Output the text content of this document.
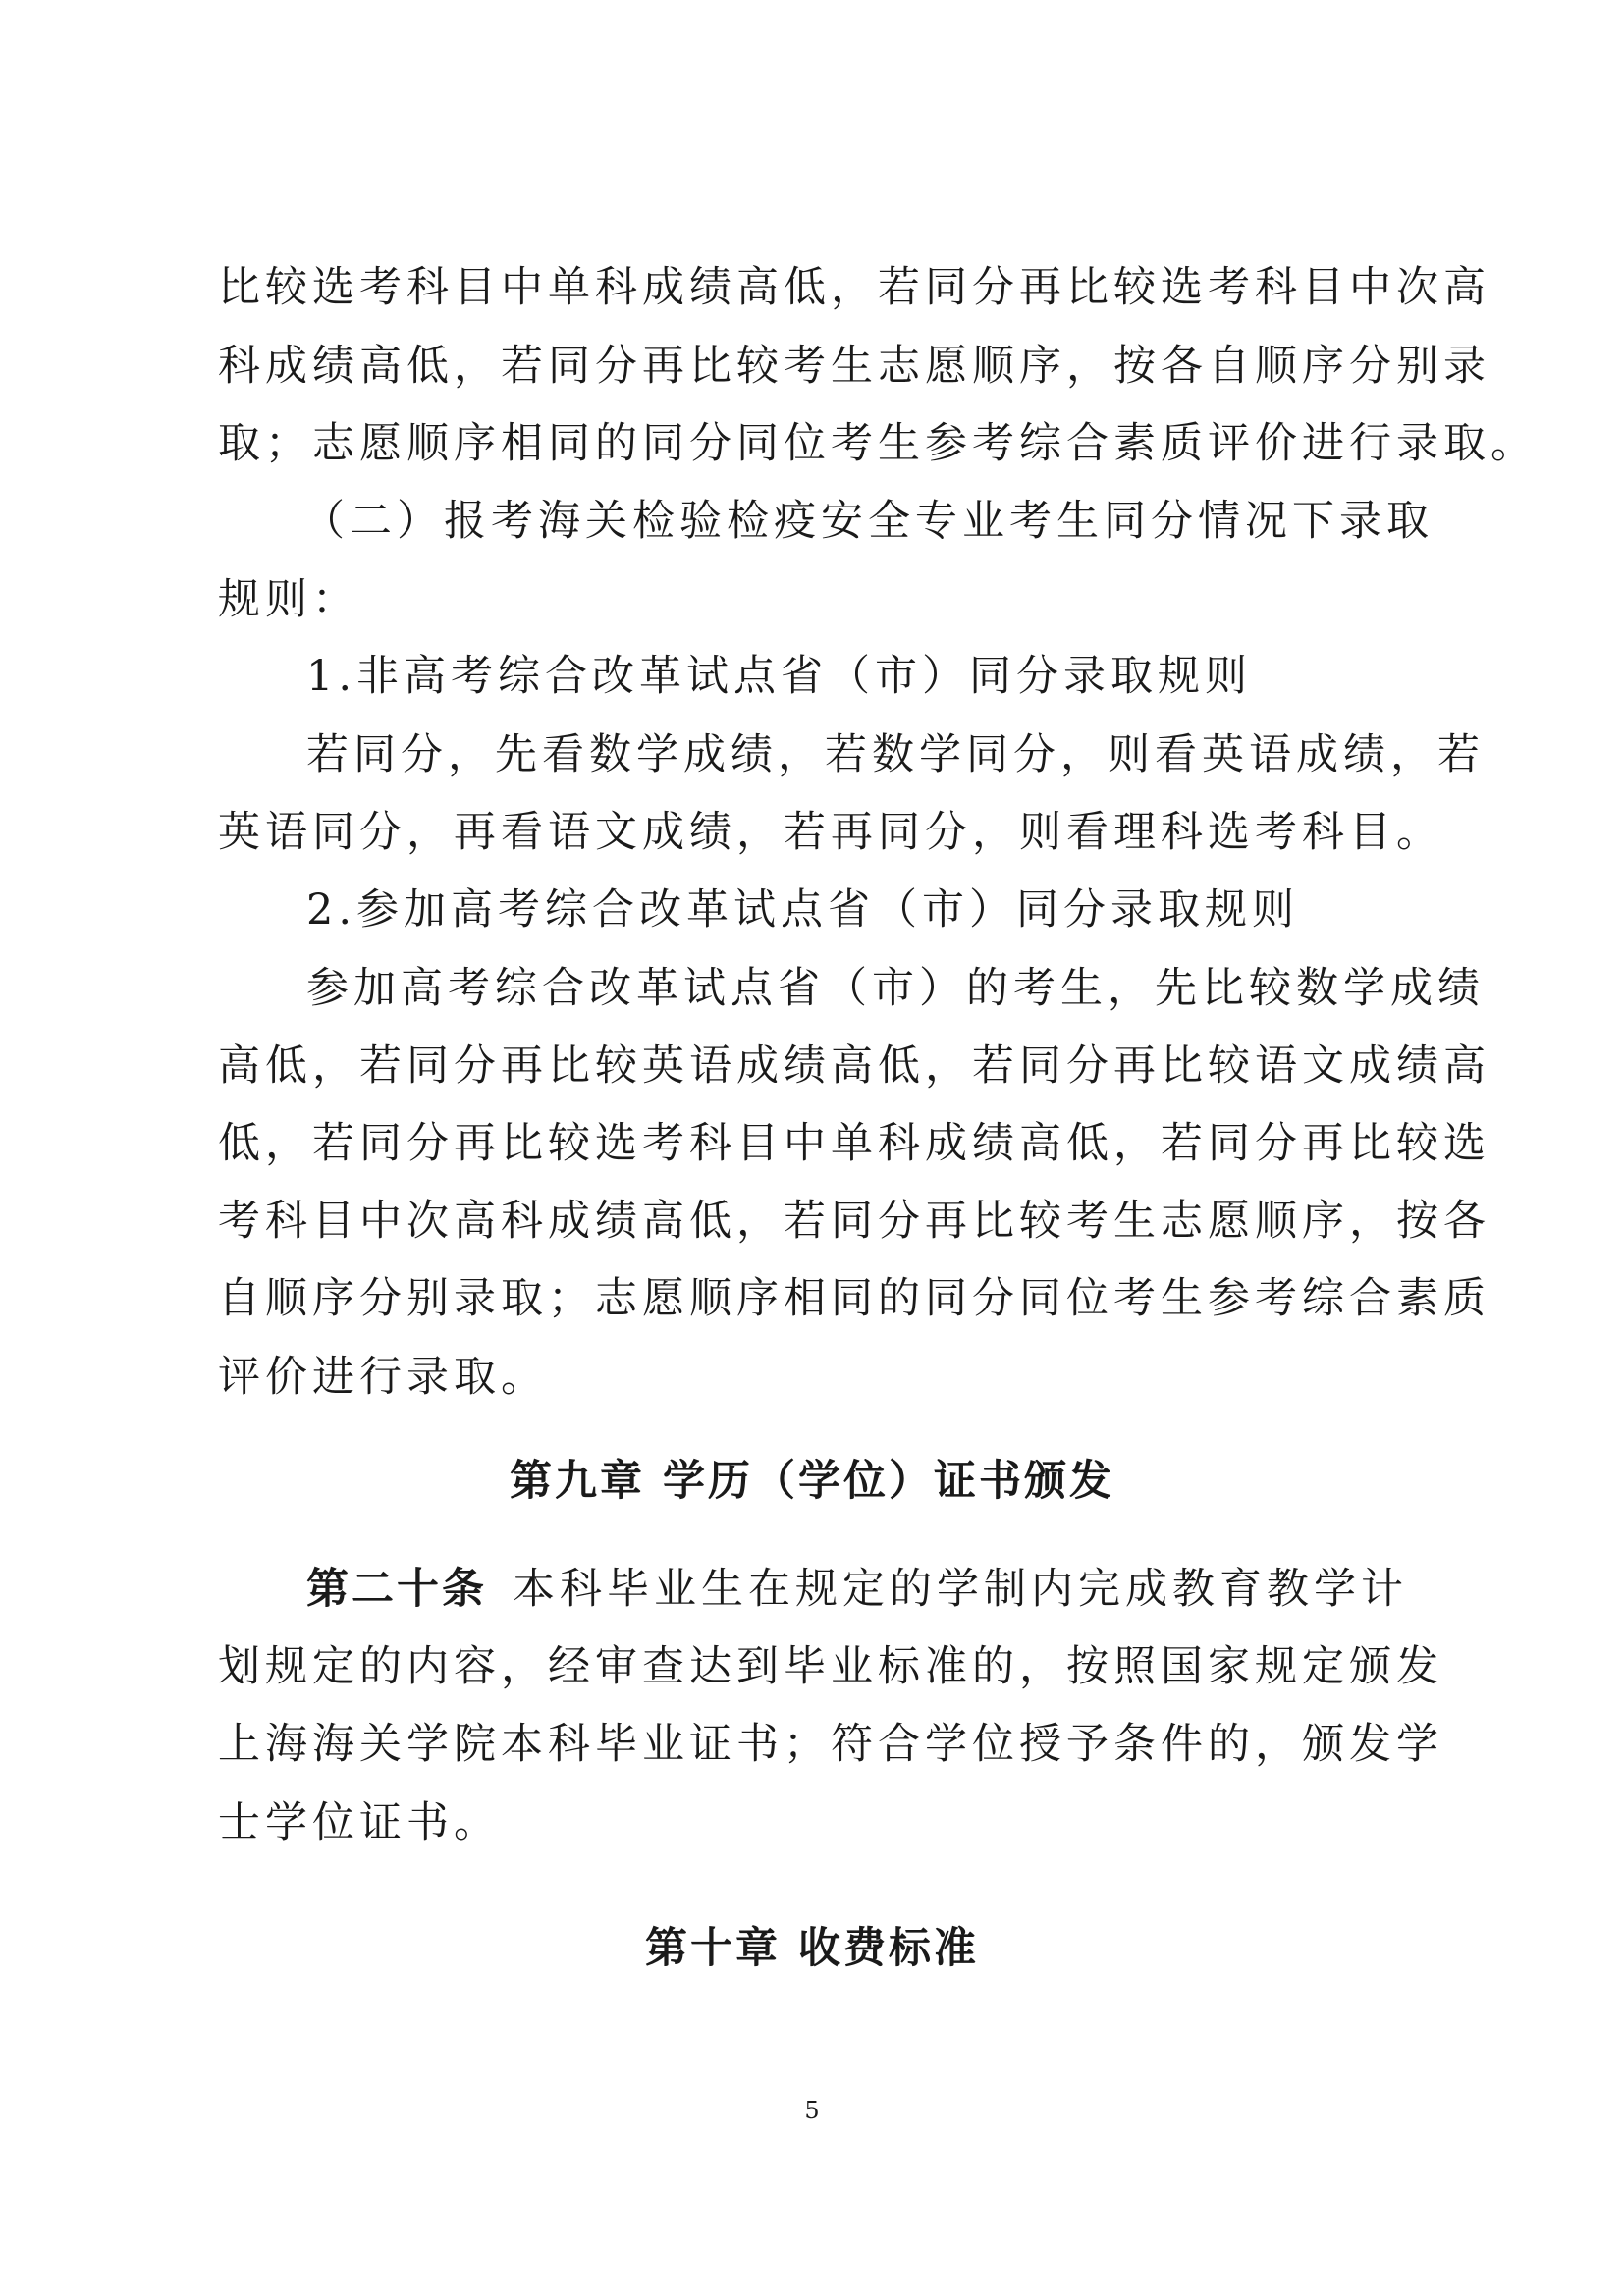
比较选考科目中单科成绩高低，若同分再比较选考科目中次高
科成绩高低，若同分再比较考生志愿顺序，按各自顺序分别录
取；志愿顺序相同的同分同位考生参考综合素质评价进行录取。
（二）报考海关检验检疫安全专业考生同分情况下录取
规则：
1.非高考综合改革试点省（市）同分录取规则
若同分，先看数学成绩，若数学同分，则看英语成绩，若
英语同分，再看语文成绩，若再同分，则看理科选考科目。
2.参加高考综合改革试点省（市）同分录取规则
参加高考综合改革试点省（市）的考生，先比较数学成绩
高低，若同分再比较英语成绩高低，若同分再比较语文成绩高
低，若同分再比较选考科目中单科成绩高低，若同分再比较选
考科目中次高科成绩高低，若同分再比较考生志愿顺序，按各
自顺序分别录取；志愿顺序相同的同分同位考生参考综合素质
评价进行录取。
第九章 学历（学位）证书颁发
第二十条 本科毕业生在规定的学制内完成教育教学计
划规定的内容，经审查达到毕业标准的，按照国家规定颁发
上海海关学院本科毕业证书；符合学位授予条件的，颁发学
士学位证书。
第十章 收费标准
5
